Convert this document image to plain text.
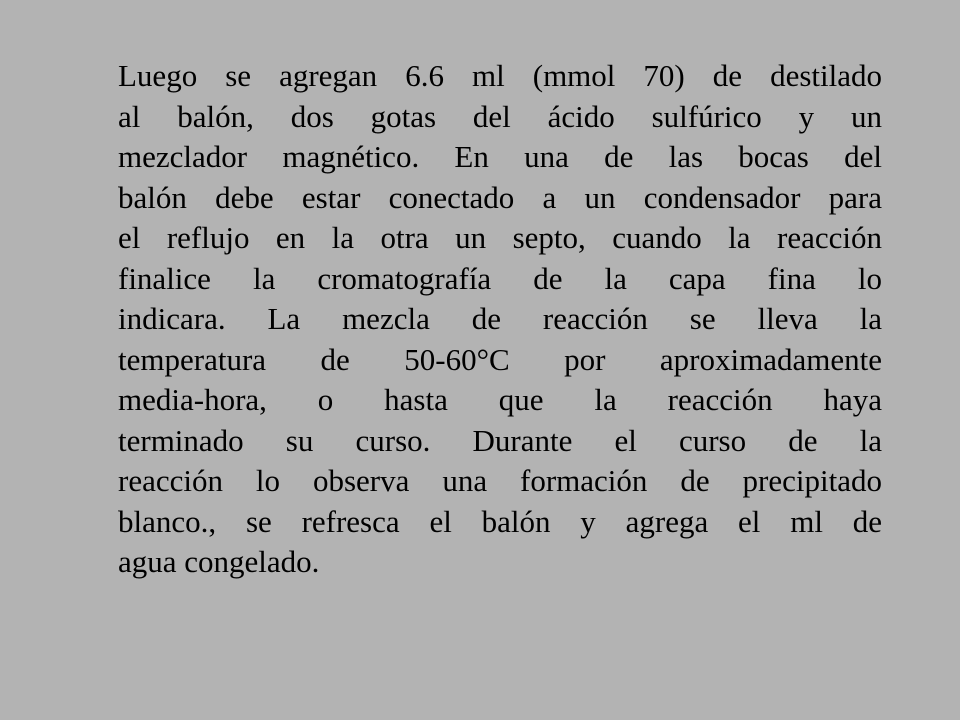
Luego se agregan 6.6 ml (mmol 70) de destilado
al balón, dos gotas del ácido sulfúrico y un
mezclador magnético. En una de las bocas del
balón debe estar conectado a un condensador para
el reflujo en la otra un septo, cuando la reacción
finalice la cromatografía de la capa fina lo
indicara. La mezcla de reacción se lleva la
temperatura de 50-60°C por aproximadamente
media-hora, o hasta que la reacción haya
terminado su curso. Durante el curso de la
reacción lo observa una formación de precipitado
blanco., se refresca el balón y agrega el ml de
agua congelado.
